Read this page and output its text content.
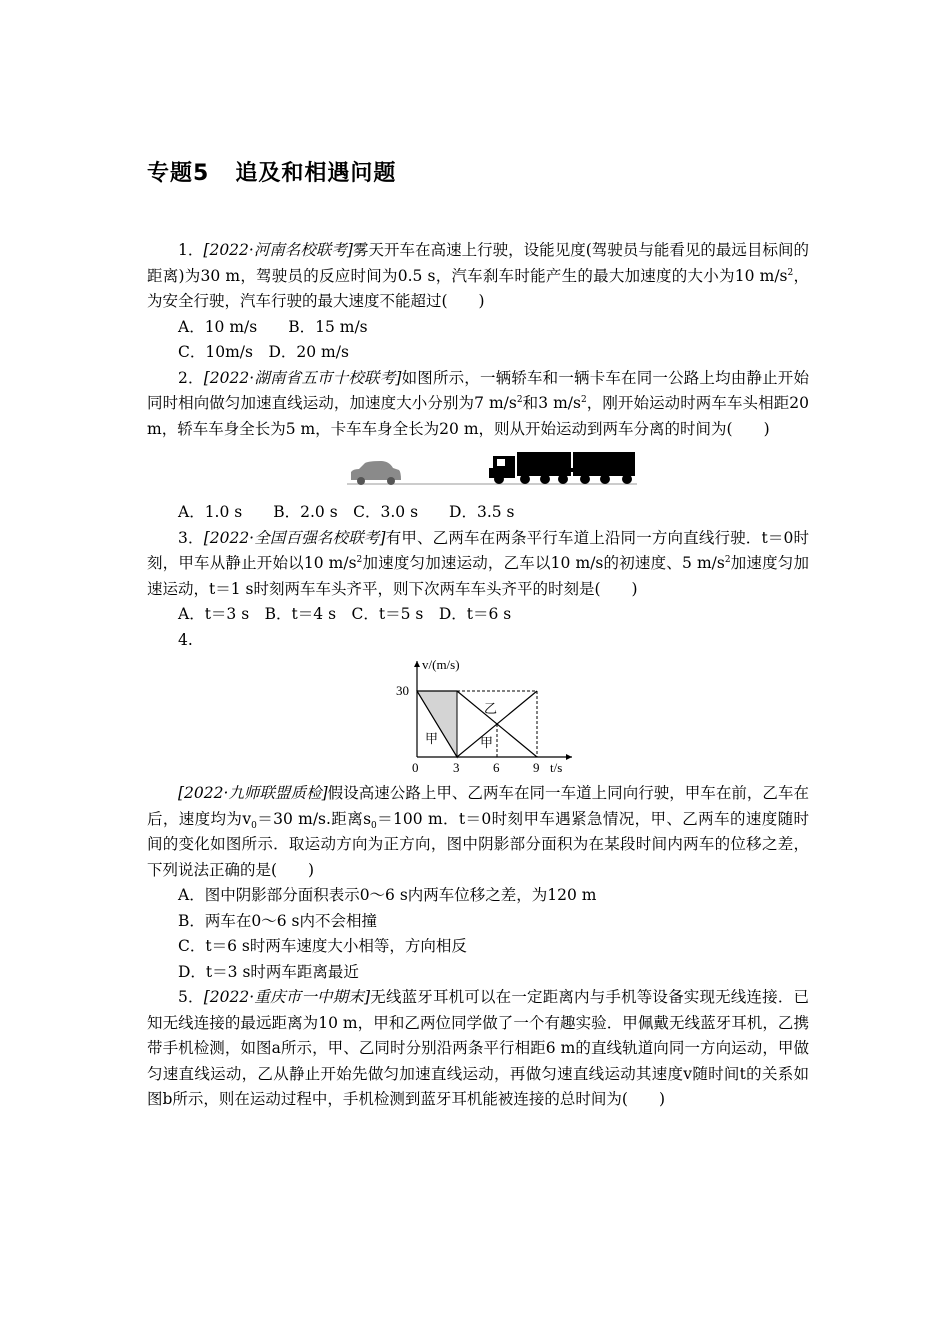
专题5 追及和相遇问题

1．[2022·河南名校联考]雾天开车在高速上行驶，设能见度(驾驶员与能看见的最远目标间的距离)为30 m，驾驶员的反应时间为0.5 s，汽车刹车时能产生的最大加速度的大小为10 $m/s^2$，为安全行驶，汽车行驶的最大速度不能超过(　　)

A．10 m/s　　B．15 m/s

C．10m/s　D．20 m/s

2．[2022·湖南省五市十校联考]如图所示，一辆轿车和一辆卡车在同一公路上均由静止开始同时相向做匀加速直线运动，加速度大小分别为7 $m/s^2$和3 $m/s^2$，刚开始运动时两车车头相距20 m，轿车车身全长为5 m，卡车车身全长为20 m，则从开始运动到两车分离的时间为(　　)

A．1.0 s　　B．2.0 s　C．3.0 s　　D．3.5 s

3．[2022·全国百强名校联考]有甲、乙两车在两条平行车道上沿同一方向直线行驶．t＝0时刻，甲车从静止开始以10 $m/s^2$加速度匀加速运动，乙车以10 m/s的初速度、5 $m/s^2$加速度匀加速运动，t＝1 s时刻两车车头齐平，则下次两车车头齐平的时刻是(　　)

A．t＝3 s　B．t＝4 s　C．t＝5 s　D．t＝6 s

4.

v/(m/s)
t/s
30
0	3	6	9
甲	甲
乙

[2022·九师联盟质检]假设高速公路上甲、乙两车在同一车道上同向行驶，甲车在前，乙车在后，速度均为$v_0=30$ m/s.距离$s_0=100$ m．t＝0时刻甲车遇紧急情况，甲、乙两车的速度随时间的变化如图所示．取运动方向为正方向，图中阴影部分面积为在某段时间内两车的位移之差，下列说法正确的是(　　)

A．图中阴影部分面积表示0～6 s内两车位移之差，为120 m

B．两车在0～6 s内不会相撞

C．t＝6 s时两车速度大小相等，方向相反

D．t＝3 s时两车距离最近

5．[2022·重庆市一中期末]无线蓝牙耳机可以在一定距离内与手机等设备实现无线连接．已知无线连接的最远距离为10 m，甲和乙两位同学做了一个有趣实验．甲佩戴无线蓝牙耳机，乙携带手机检测，如图a所示，甲、乙同时分别沿两条平行相距6 m的直线轨道向同一方向运动，甲做匀速直线运动，乙从静止开始先做匀加速直线运动，再做匀速直线运动其速度v随时间t的关系如图b所示，则在运动过程中，手机检测到蓝牙耳机能被连接的总时间为(　　)
